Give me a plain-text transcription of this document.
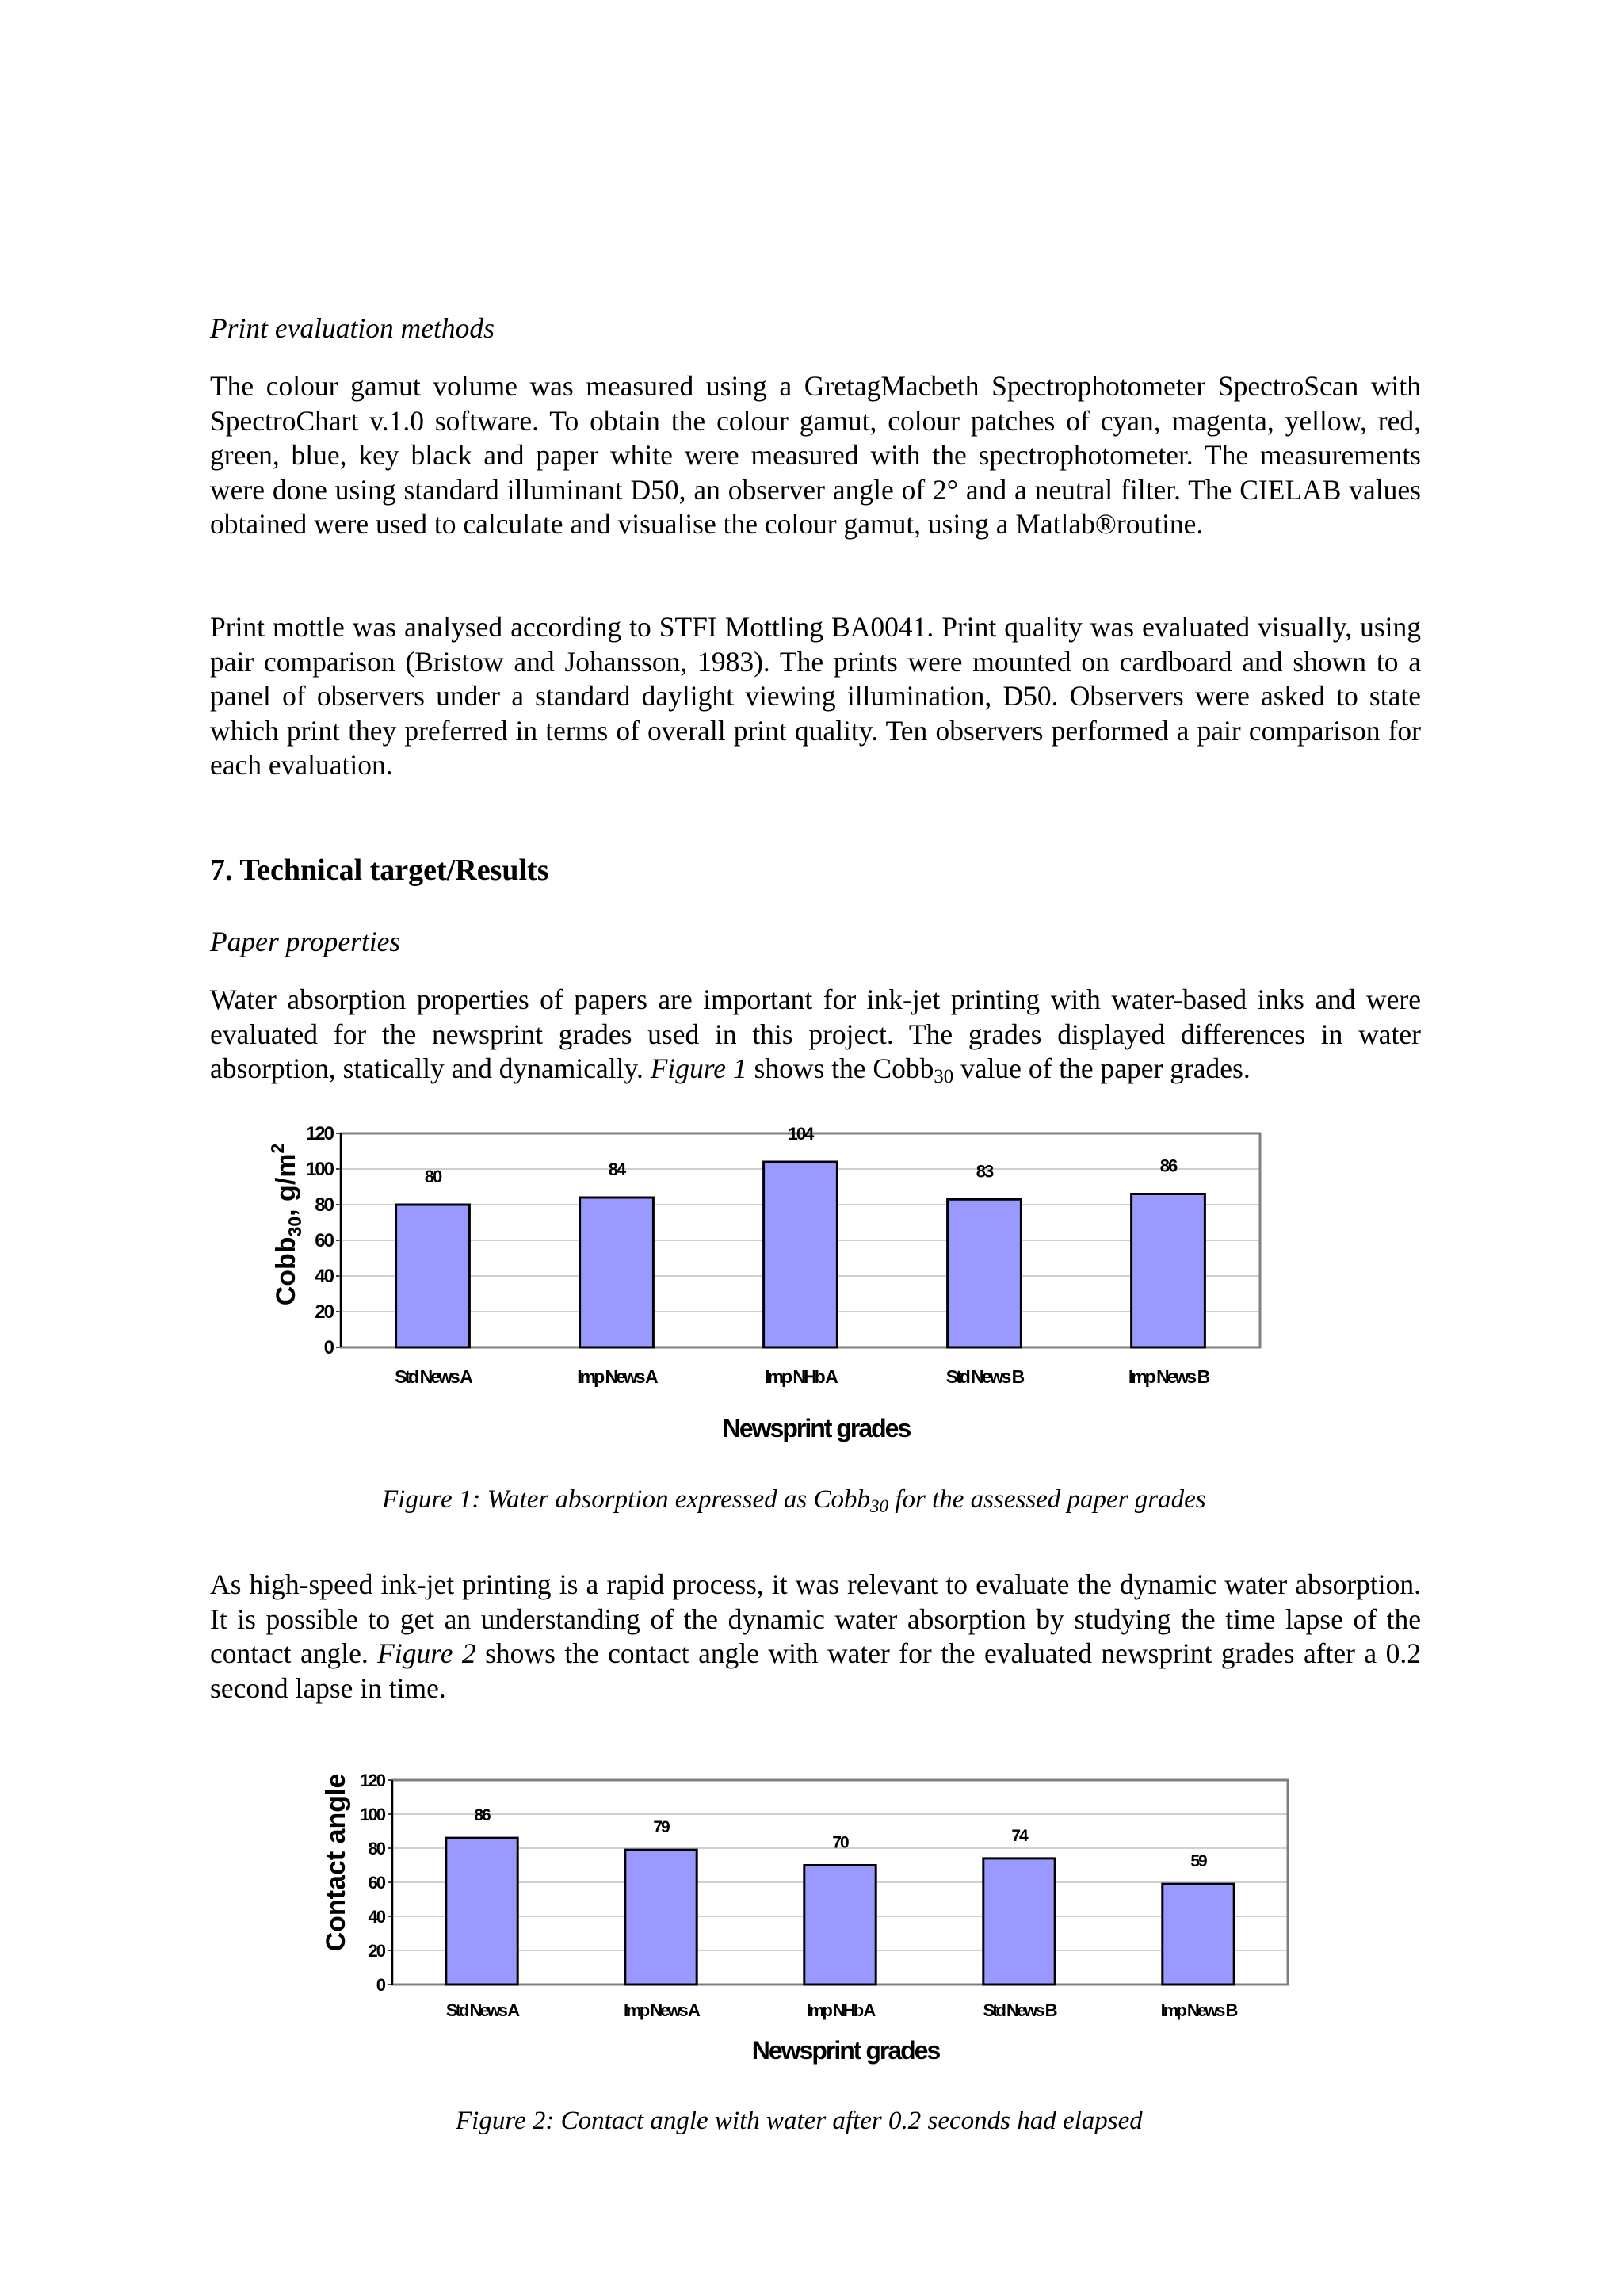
Print evaluation methods

The colour gamut volume was measured using a GretagMacbeth Spectrophotometer SpectroScan with SpectroChart v.1.0 software. To obtain the colour gamut, colour patches of cyan, magenta, yellow, red, green, blue, key black and paper white were measured with the spectrophotometer. The measurements were done using standard illuminant D50, an observer angle of 2° and a neutral filter. The CIELAB values obtained were used to calculate and visualise the colour gamut, using a Matlab®routine.

Print mottle was analysed according to STFI Mottling BA0041. Print quality was evaluated visually, using pair comparison (Bristow and Johansson, 1983). The prints were mounted on cardboard and shown to a panel of observers under a standard daylight viewing illumination, D50. Observers were asked to state which print they preferred in terms of overall print quality. Ten observers performed a pair comparison for each evaluation.

7. Technical target/Results

Paper properties

Water absorption properties of papers are important for ink-jet printing with water-based inks and were evaluated for the newsprint grades used in this project. The grades displayed differences in water absorption, statically and dynamically. Figure 1 shows the Cobb$_{30}$ value of the paper grades.

Figure 1: Water absorption expressed as Cobb$_{30}$ for the assessed paper grades

As high-speed ink-jet printing is a rapid process, it was relevant to evaluate the dynamic water absorption. It is possible to get an understanding of the dynamic water absorption by studying the time lapse of the contact angle. Figure 2 shows the contact angle with water for the evaluated newsprint grades after a 0.2 second lapse in time.

Figure 2: Contact angle with water after 0.2 seconds had elapsed
Cobb$_{30}$, $g/m^2$
0
20
40
60
80
100
120
80
Std News A
84
Imp News A
104
Imp NHb A
83
Std News B
86
Imp News B
Newsprint grades
Contact angle
0
20
40
60
80
100
120
86
Std News A
79
Imp News A
70
Imp NHb A
74
Std News B
59
Imp News B
Newsprint grades
